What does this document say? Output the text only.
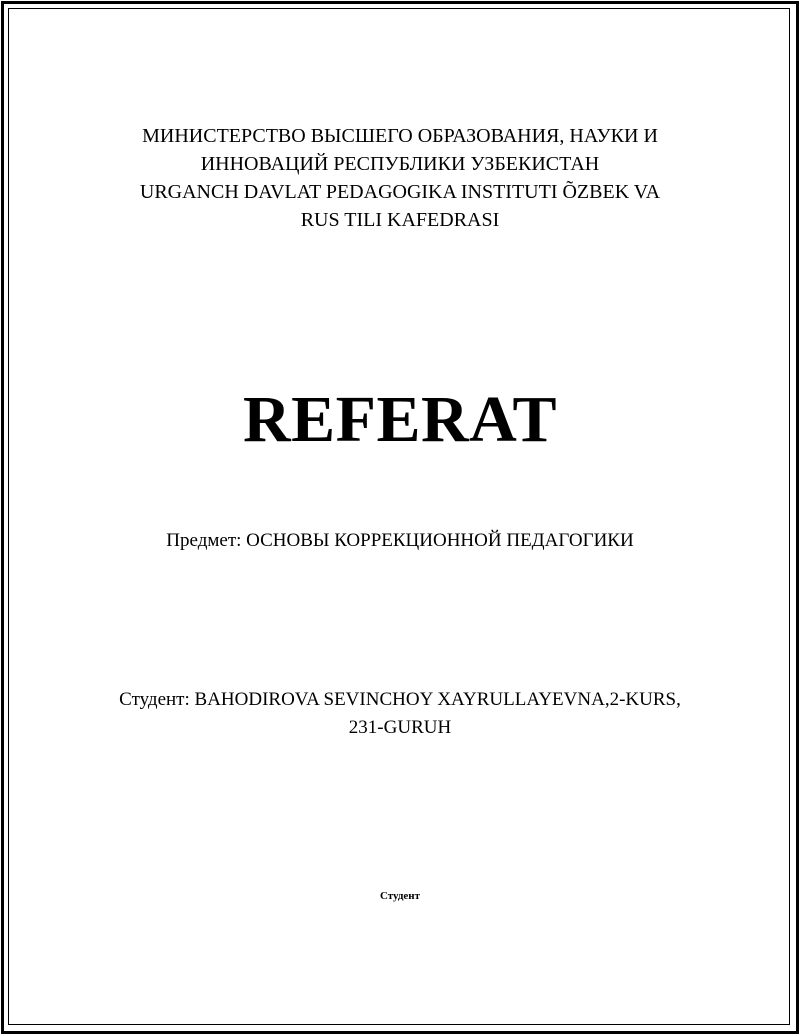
МИНИСТЕРСТВО ВЫСШЕГО ОБРАЗОВАНИЯ, НАУКИ И
ИННОВАЦИЙ РЕСПУБЛИКИ УЗБЕКИСТАН
URGANCH DAVLAT PEDAGOGIKA INSTITUTI ÕZBEK VA
RUS TILI KAFEDRASI
REFERAT
Предмет: ОСНОВЫ КОРРЕКЦИОННОЙ ПЕДАГОГИКИ
Студент: BAHODIROVA SEVINCHOY XAYRULLAYEVNA,2-KURS,
231-GURUH
Студент
